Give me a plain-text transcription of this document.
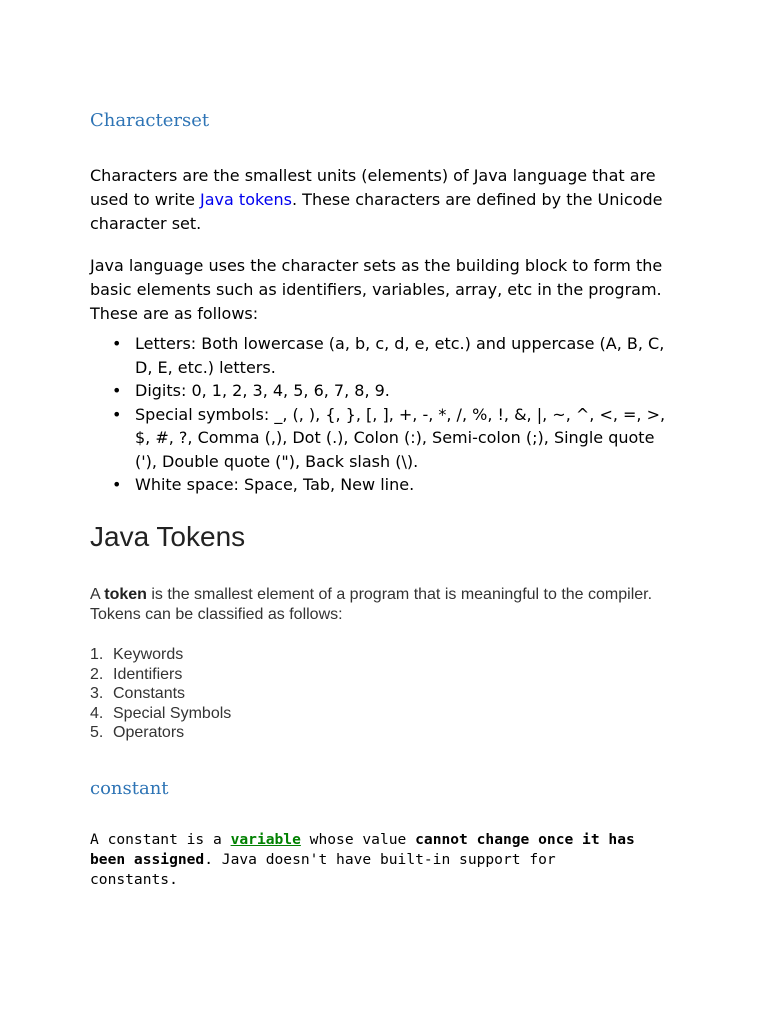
Characterset

Characters are the smallest units (elements) of Java language that are used to write Java tokens. These characters are defined by the Unicode character set.

Java language uses the character sets as the building block to form the basic elements such as identifiers, variables, array, etc in the program. These are as follows:

• Letters: Both lowercase (a, b, c, d, e, etc.) and uppercase (A, B, C, D, E, etc.) letters.
• Digits: 0, 1, 2, 3, 4, 5, 6, 7, 8, 9.
• Special symbols: _, (, ), {, }, [, ], +, -, *, /, %, !, &, |, ~, ^, <, =, >, $, #, ?, Comma (,), Dot (.), Colon (:), Semi-colon (;), Single quote ('), Double quote ("), Back slash (\).
• White space: Space, Tab, New line.
Java Tokens

A token is the smallest element of a program that is meaningful to the compiler. Tokens can be classified as follows:

1. Keywords
2. Identifiers
3. Constants
4. Special Symbols
5. Operators
constant

A constant is a variable whose value cannot change once it has been assigned. Java doesn't have built-in support for constants.
